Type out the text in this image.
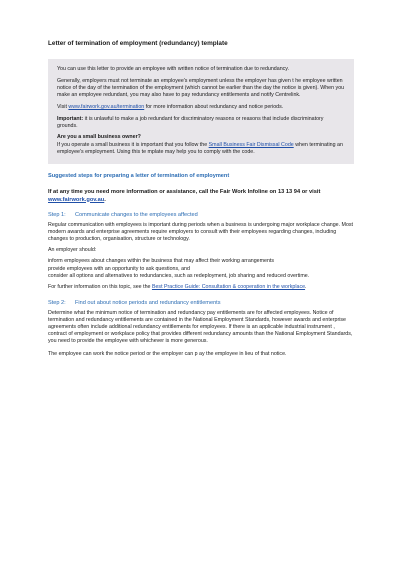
Letter of termination of employment (redundancy) template

You can use this letter to provide an employee with written notice of termination due to redundancy.

Generally, employers must not terminate an employee's employment unless the employer has given t he employee written notice of the day of the termination of the employment (which cannot be earlier than the day the notice is given). When you make an employee redundant, you may also have to pay redundancy entitlements and notify Centrelink.

Visit www.fairwork.gov.au/termination for more information about redundancy and notice periods.

Important: it is unlawful to make a job redundant for discriminatory reasons or reasons that include discriminatory grounds.

Are you a small business owner?

If you operate a small business it is important that you follow the Small Business Fair Dismissal Code when terminating an employee's employment. Using this te mplate may help you to comply with the code.

Suggested steps for preparing a letter of termination of employment
If at any time you need more information or assistance, call the Fair Work Infoline on 13 13 94 or visit www.fairwork.gov.au.
Step 1: Communicate changes to the employees affected

Regular communication with employees is important during periods when a business is undergoing major workplace change. Most modern awards and enterprise agreements require employers to consult with their employees regarding changes, including changes to production, organisation, structure or technology.

An employer should:

inform employees about changes within the business that may affect their working arrangements

provide employees with an opportunity to ask questions, and

consider all options and alternatives to redundancies, such as redeployment, job sharing and reduced overtime.

For further information on this topic, see the Best Practice Guide: Consultation & cooperation in the workplace.

Step 2: Find out about notice periods and redundancy entitlements

Determine what the minimum notice of termination and redundancy pay entitlements are for affected employees. Notice of termination and redundancy entitlements are contained in the National Employment Standards, however awards and enterprise agreements often include additional redundancy entitlements for employees. If there is an applicable industrial instrument , contract of employment or workplace policy that provides different redundancy amounts than the National Employment Standards, you need to provide the employee with whichever is more generous.

The employee can work the notice period or the employer can p ay the employee in lieu of that notice.
